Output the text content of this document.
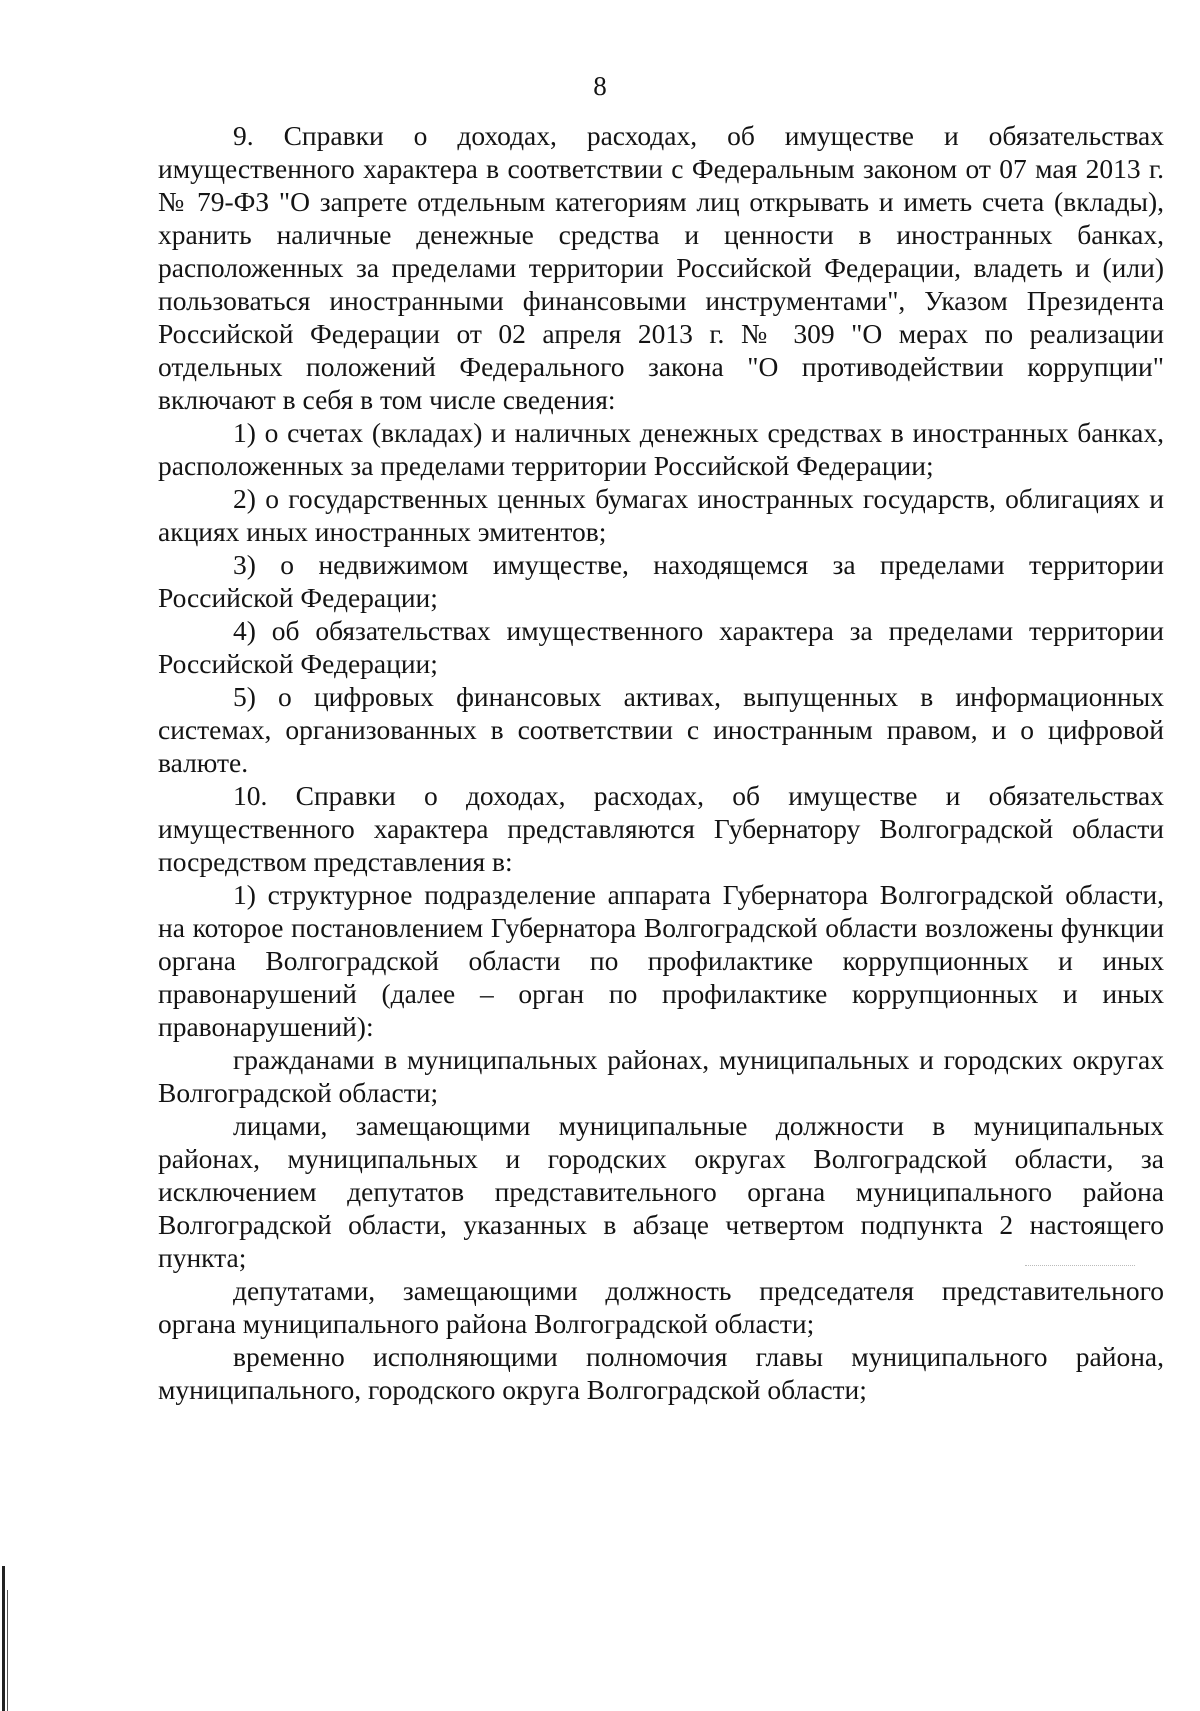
8

9. Справки о доходах, расходах, об имуществе и обязательствах имущественного характера в соответствии с Федеральным законом от 07 мая 2013 г. № 79-ФЗ "О запрете отдельным категориям лиц открывать и иметь счета (вклады), хранить наличные денежные средства и ценности в иностранных банках, расположенных за пределами территории Российской Федерации, владеть и (или) пользоваться иностранными финансовыми инструментами", Указом Президента Российской Федерации от 02 апреля 2013 г. № 309 "О мерах по реализации отдельных положений Федерального закона "О противодействии коррупции" включают в себя в том числе сведения:

1) о счетах (вкладах) и наличных денежных средствах в иностранных банках, расположенных за пределами территории Российской Федерации;

2) о государственных ценных бумагах иностранных государств, облигациях и акциях иных иностранных эмитентов;

3) о недвижимом имуществе, находящемся за пределами территории Российской Федерации;

4) об обязательствах имущественного характера за пределами территории Российской Федерации;

5) о цифровых финансовых активах, выпущенных в информационных системах, организованных в соответствии с иностранным правом, и о цифровой валюте.

10. Справки о доходах, расходах, об имуществе и обязательствах имущественного характера представляются Губернатору Волгоградской области посредством представления в:

1) структурное подразделение аппарата Губернатора Волгоградской области, на которое постановлением Губернатора Волгоградской области возложены функции органа Волгоградской области по профилактике коррупционных и иных правонарушений (далее – орган по профилактике коррупционных и иных правонарушений):

гражданами в муниципальных районах, муниципальных и городских округах Волгоградской области;

лицами, замещающими муниципальные должности в муниципальных районах, муниципальных и городских округах Волгоградской области, за исключением депутатов представительного органа муниципального района Волгоградской области, указанных в абзаце четвертом подпункта 2 настоящего пункта;

депутатами, замещающими должность председателя представительного органа муниципального района Волгоградской области;

временно исполняющими полномочия главы муниципального района, муниципального, городского округа Волгоградской области;
